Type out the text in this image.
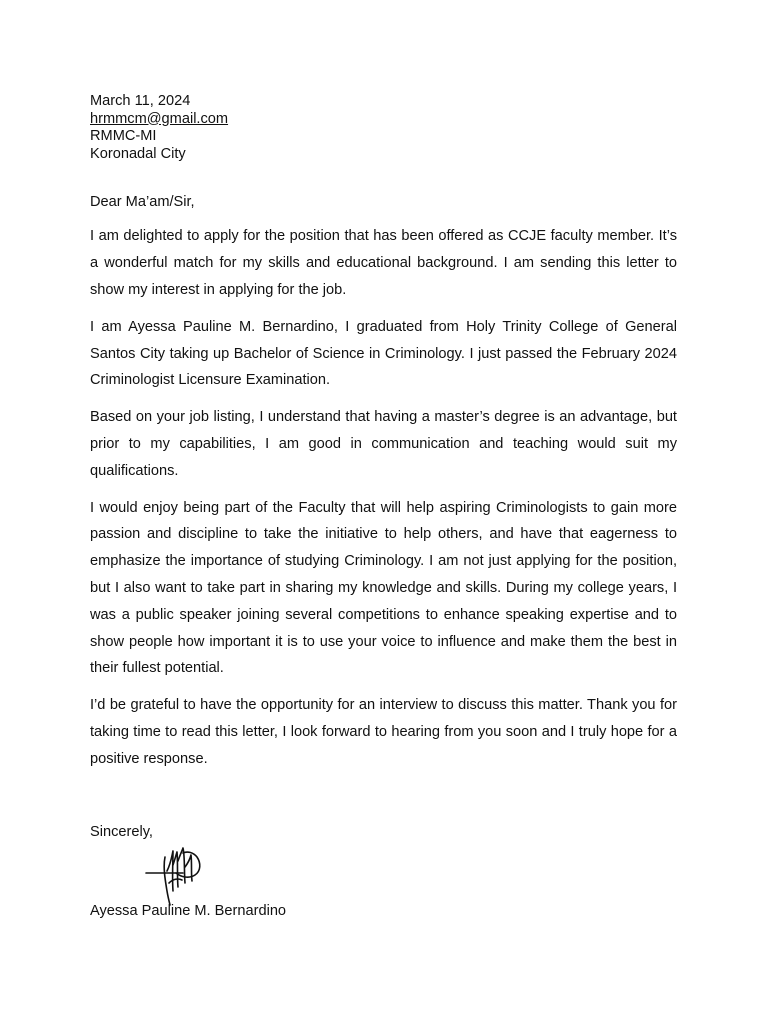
March 11, 2024
hrmmcm@gmail.com
RMMC-MI
Koronadal City
Dear Ma’am/Sir,

I am delighted to apply for the position that has been offered as CCJE faculty member. It’s a wonderful match for my skills and educational background. I am sending this letter to show my interest in applying for the job.

I am Ayessa Pauline M. Bernardino, I graduated from Holy Trinity College of General Santos City taking up Bachelor of Science in Criminology. I just passed the February 2024 Criminologist Licensure Examination.

Based on your job listing, I understand that having a master’s degree is an advantage, but prior to my capabilities, I am good in communication and teaching would suit my qualifications.

I would enjoy being part of the Faculty that will help aspiring Criminologists to gain more passion and discipline to take the initiative to help others, and have that eagerness to emphasize the importance of studying Criminology. I am not just applying for the position, but I also want to take part in sharing my knowledge and skills. During my college years, I was a public speaker joining several competitions to enhance speaking expertise and to show people how important it is to use your voice to influence and make them the best in their fullest potential.

I’d be grateful to have the opportunity for an interview to discuss this matter. Thank you for taking time to read this letter, I look forward to hearing from you soon and I truly hope for a positive response.

Sincerely,
Ayessa Pauline M. Bernardino
